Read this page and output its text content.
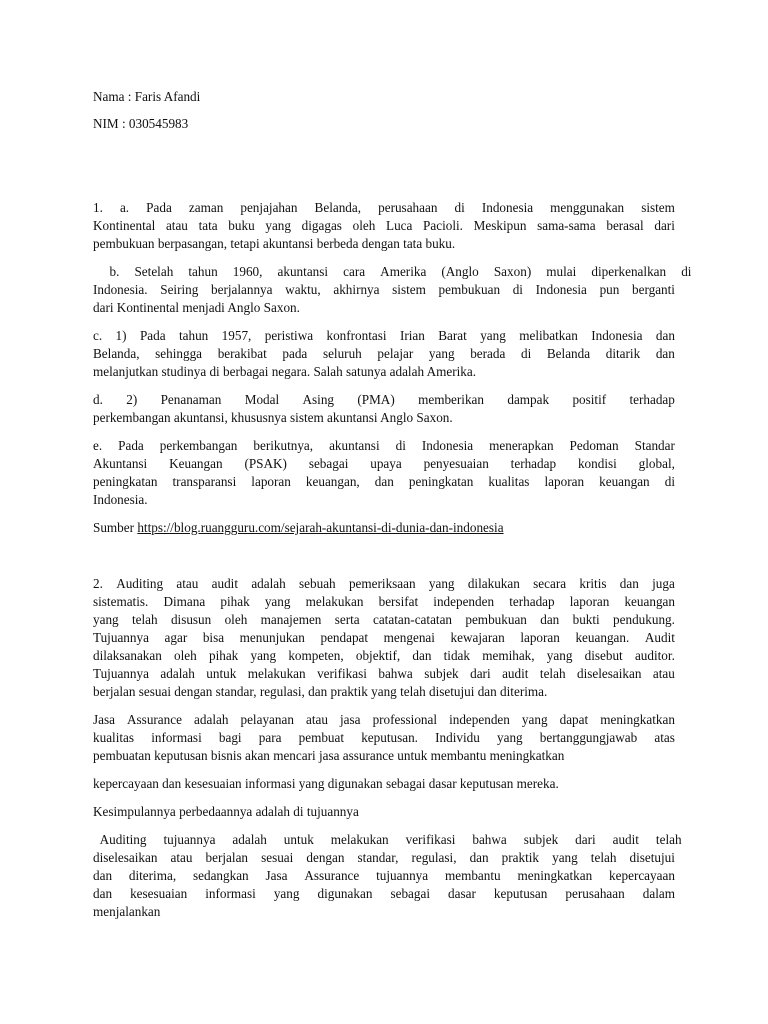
Nama : Faris Afandi
NIM : 030545983
1. a. Pada zaman penjajahan Belanda, perusahaan di Indonesia menggunakan sistem
Kontinental atau tata buku yang digagas oleh Luca Pacioli. Meskipun sama-sama berasal dari
pembukuan berpasangan, tetapi akuntansi berbeda dengan tata buku.
b. Setelah tahun 1960, akuntansi cara Amerika (Anglo Saxon) mulai diperkenalkan di
Indonesia. Seiring berjalannya waktu, akhirnya sistem pembukuan di Indonesia pun berganti
dari Kontinental menjadi Anglo Saxon.
c. 1) Pada tahun 1957, peristiwa konfrontasi Irian Barat yang melibatkan Indonesia dan
Belanda, sehingga berakibat pada seluruh pelajar yang berada di Belanda ditarik dan
melanjutkan studinya di berbagai negara. Salah satunya adalah Amerika.
d. 2) Penanaman Modal Asing (PMA) memberikan dampak positif terhadap
perkembangan akuntansi, khususnya sistem akuntansi Anglo Saxon.
e. Pada perkembangan berikutnya, akuntansi di Indonesia menerapkan Pedoman Standar
Akuntansi Keuangan (PSAK) sebagai upaya penyesuaian terhadap kondisi global,
peningkatan transparansi laporan keuangan, dan peningkatan kualitas laporan keuangan di
Indonesia.
Sumber https://blog.ruangguru.com/sejarah-akuntansi-di-dunia-dan-indonesia
2. Auditing atau audit adalah sebuah pemeriksaan yang dilakukan secara kritis dan juga
sistematis. Dimana pihak yang melakukan bersifat independen terhadap laporan keuangan
yang telah disusun oleh manajemen serta catatan-catatan pembukuan dan bukti pendukung.
Tujuannya agar bisa menunjukan pendapat mengenai kewajaran laporan keuangan. Audit
dilaksanakan oleh pihak yang kompeten, objektif, dan tidak memihak, yang disebut auditor.
Tujuannya adalah untuk melakukan verifikasi bahwa subjek dari audit telah diselesaikan atau
berjalan sesuai dengan standar, regulasi, dan praktik yang telah disetujui dan diterima.
Jasa Assurance adalah pelayanan atau jasa professional independen yang dapat meningkatkan
kualitas informasi bagi para pembuat keputusan. Individu yang bertanggungjawab atas
pembuatan keputusan bisnis akan mencari jasa assurance untuk membantu meningkatkan
kepercayaan dan kesesuaian informasi yang digunakan sebagai dasar keputusan mereka.
Kesimpulannya perbedaannya adalah di tujuannya
Auditing tujuannya adalah untuk melakukan verifikasi bahwa subjek dari audit telah
diselesaikan atau berjalan sesuai dengan standar, regulasi, dan praktik yang telah disetujui
dan diterima, sedangkan Jasa Assurance tujuannya membantu meningkatkan kepercayaan
dan kesesuaian informasi yang digunakan sebagai dasar keputusan perusahaan dalam
menjalankan
